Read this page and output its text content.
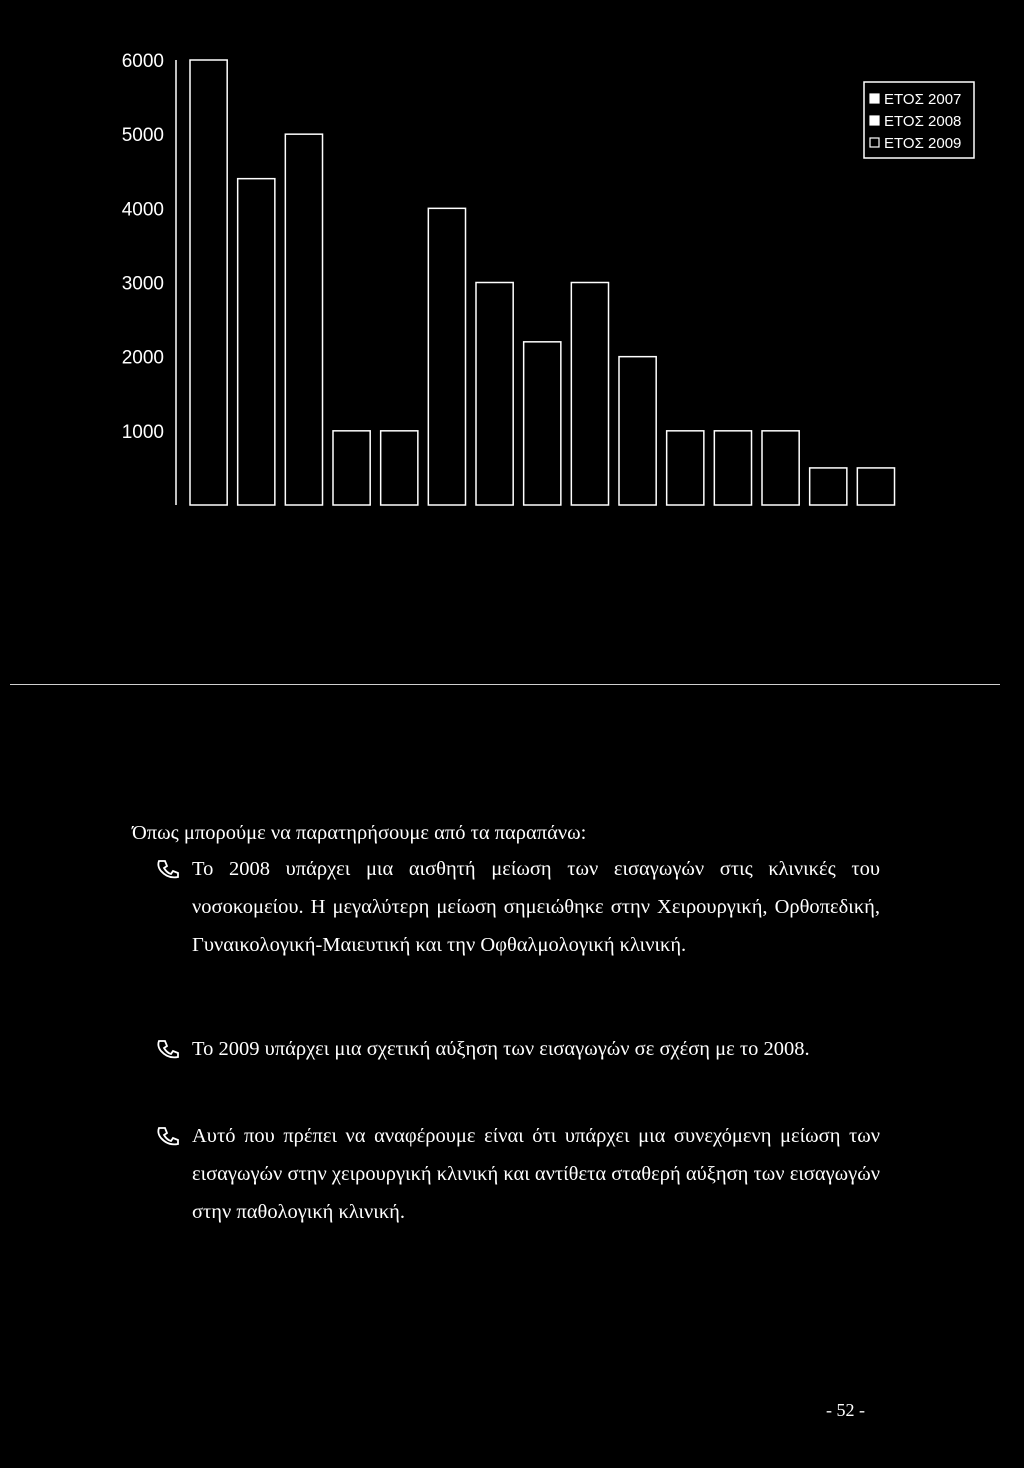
6000
5000
4000
3000
2000
1000
ΕΤΟΣ 2007
ΕΤΟΣ 2008
ΕΤΟΣ 2009

Όπως μπορούμε να παρατηρήσουμε από τα παραπάνω:

Το 2008 υπάρχει μια αισθητή μείωση των εισαγωγών στις κλινικές του νοσοκομείου. Η μεγαλύτερη μείωση σημειώθηκε στην Χειρουργική, Ορθοπεδική, Γυναικολογική-Μαιευτική και την Οφθαλμολογική κλινική.
Το 2009 υπάρχει μια σχετική αύξηση των εισαγωγών σε σχέση με το 2008.
Αυτό που πρέπει να αναφέρουμε είναι ότι υπάρχει μια συνεχόμενη μείωση των εισαγωγών στην χειρουργική κλινική και αντίθετα σταθερή αύξηση των εισαγωγών στην παθολογική κλινική.
- 52 -
